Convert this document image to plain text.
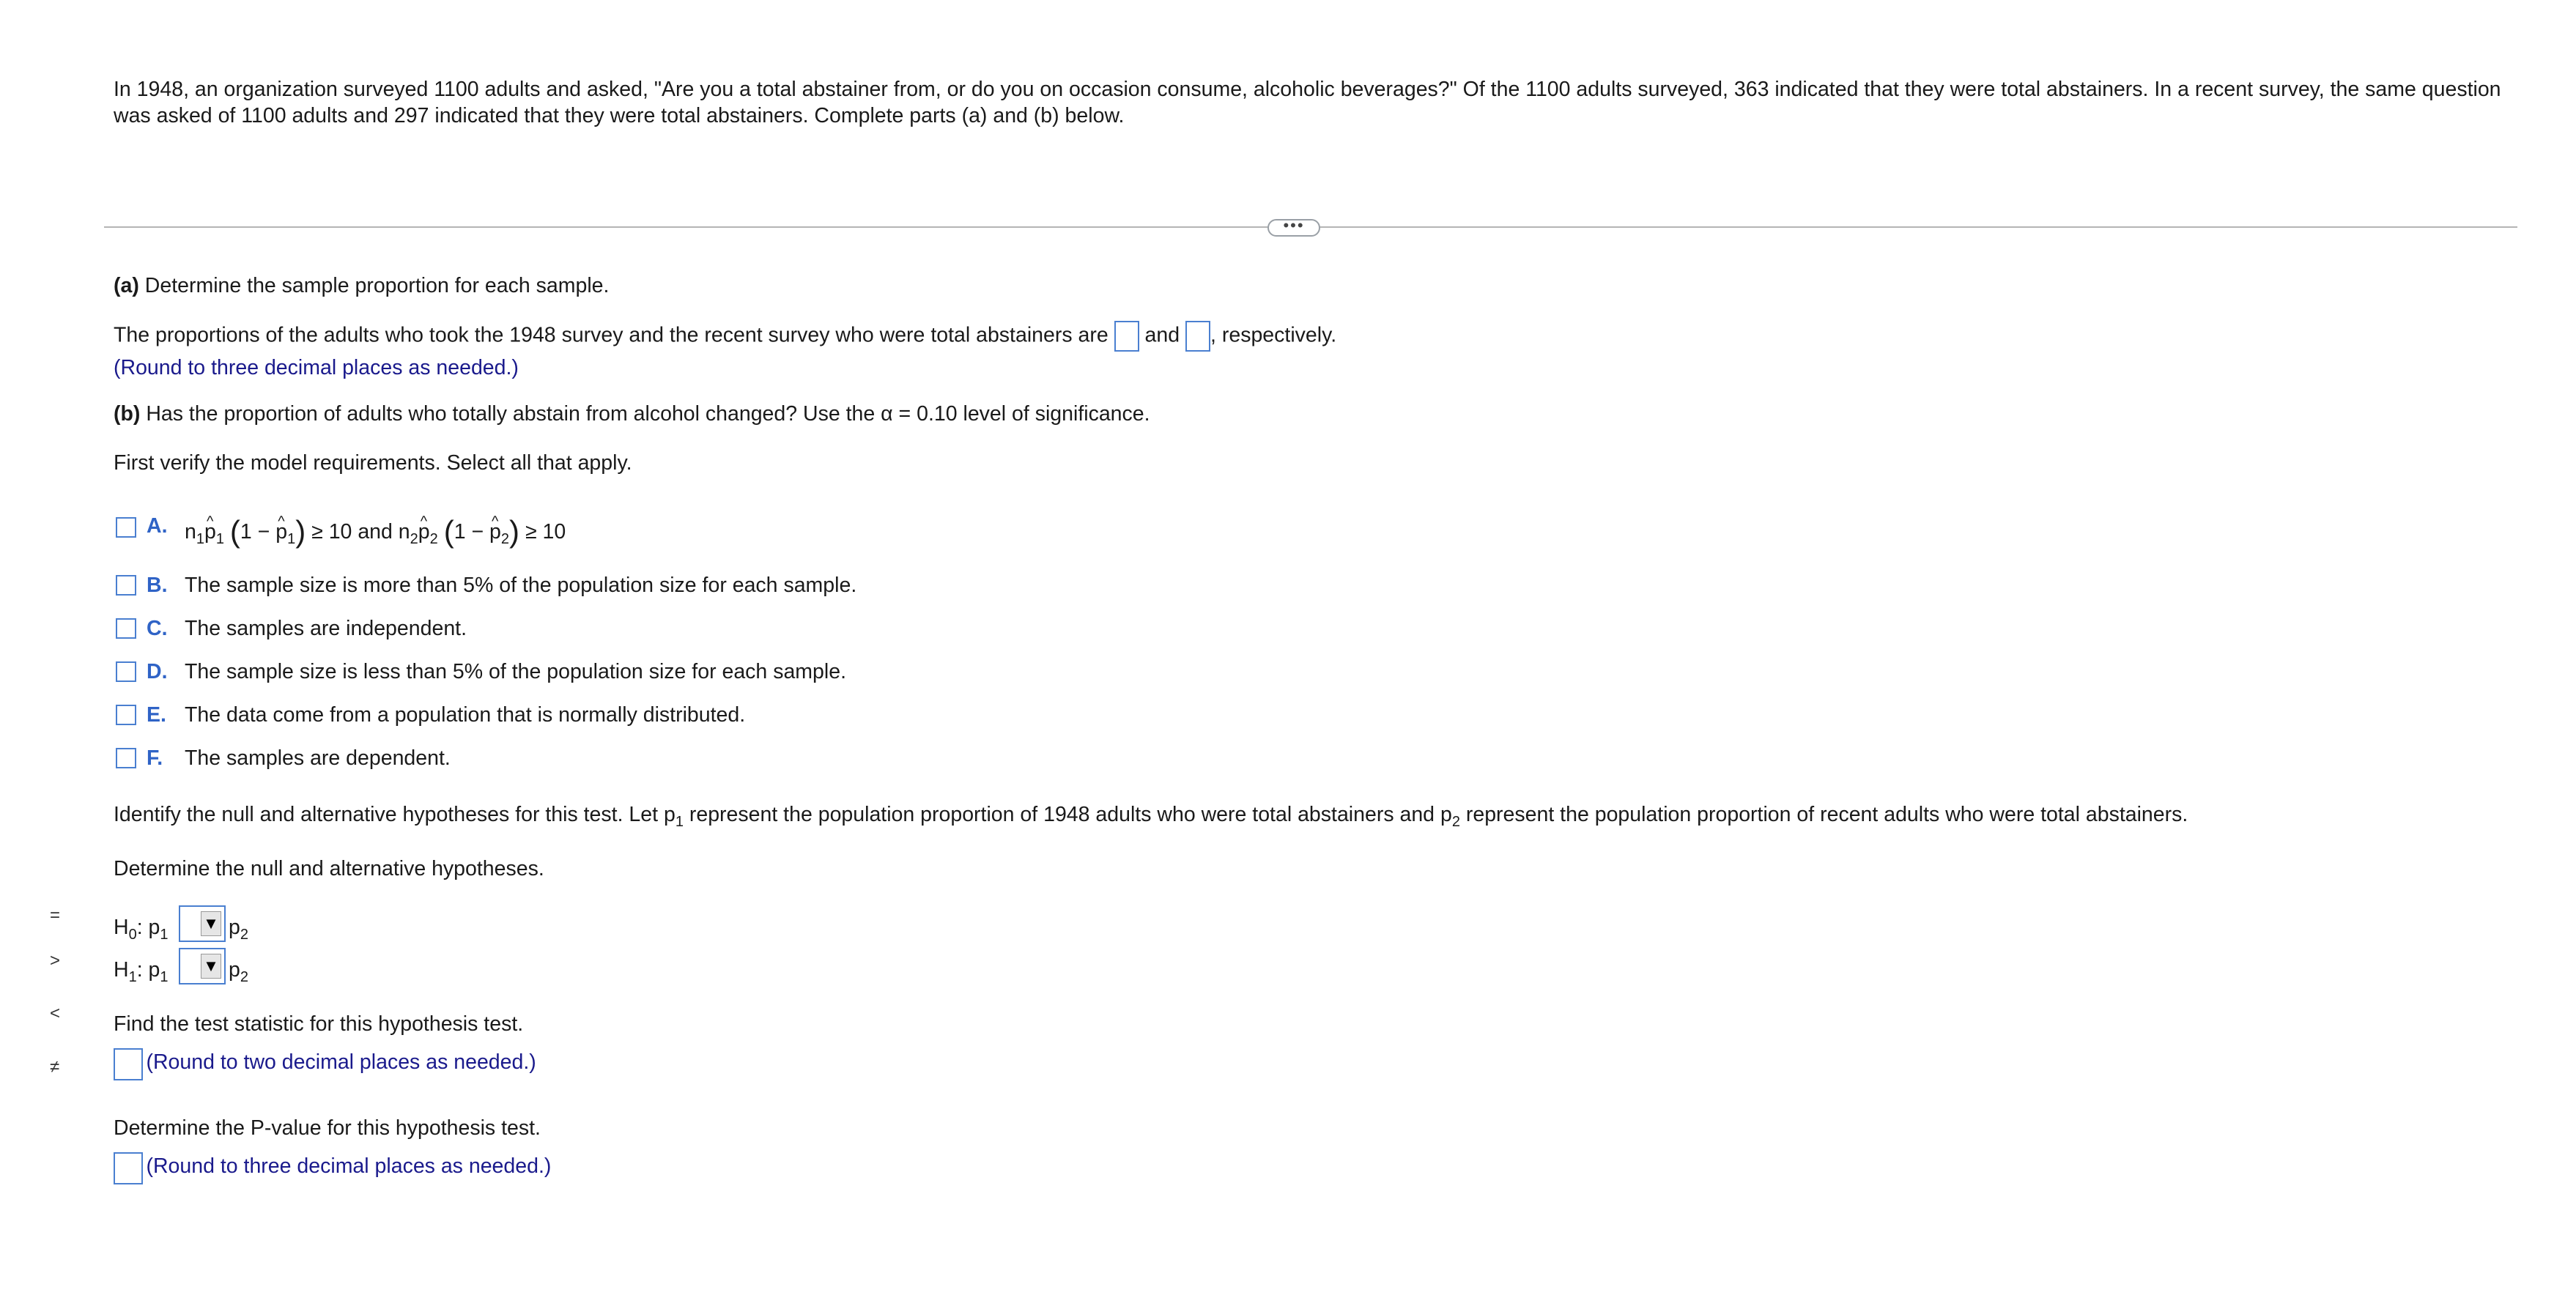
In 1948, an organization surveyed 1100 adults and asked, "Are you a total abstainer from, or do you on occasion consume, alcoholic beverages?" Of the 1100 adults surveyed, 363 indicated that they were total abstainers. In a recent survey, the same question
was asked of 1100 adults and 297 indicated that they were total abstainers. Complete parts (a) and (b) below.
•••
(a) Determine the sample proportion for each sample.
The proportions of the adults who took the 1948 survey and the recent survey who were total abstainers are and , respectively.
(Round to three decimal places as needed.)
(b) Has the proportion of adults who totally abstain from alcohol changed? Use the α = 0.10 level of significance.
First verify the model requirements. Select all that apply.
A. $n_1\^{}$ $p_1$ (1 − ^ $p_1) \ge 10$ and $n_2\^{}$ $p_2$ (1 − ^ $p_2) \ge 10$
B. The sample size is more than 5% of the population size for each sample.
C. The samples are independent.
D. The sample size is less than 5% of the population size for each sample.
E. The data come from a population that is normally distributed.
F. The samples are dependent.
Identify the null and alternative hypotheses for this test. Let $p_1$ represent the population proportion of 1948 adults who were total abstainers and $p_2$ represent the population proportion of recent adults who were total abstainers.
Determine the null and alternative hypotheses.
=
>
<
≠
$H_0$: $p_1$
▼ $p_2$
$H_1$: $p_1$
▼ $p_2$
Find the test statistic for this hypothesis test.
(Round to two decimal places as needed.)
Determine the P-value for this hypothesis test.
(Round to three decimal places as needed.)
